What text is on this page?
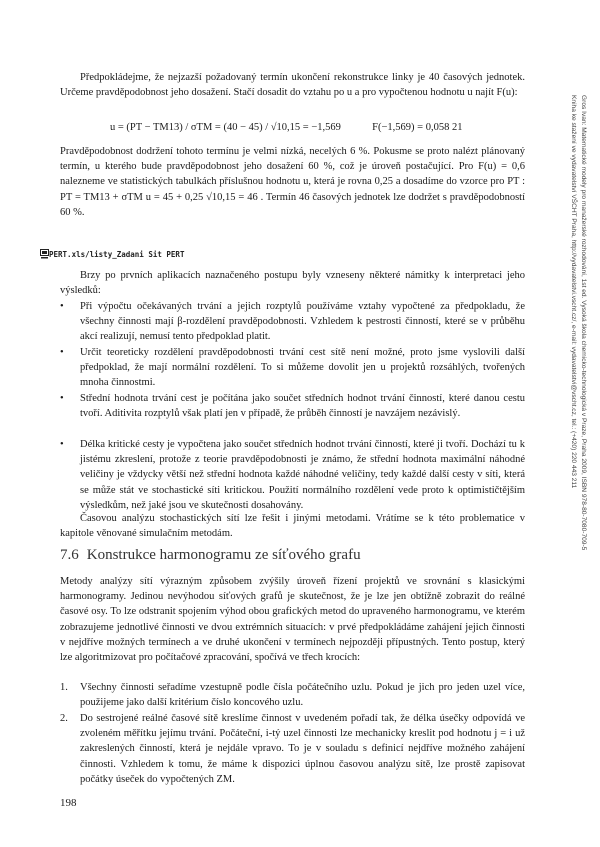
Předpokládejme, že nejzazší požadovaný termín ukončení rekonstrukce linky je 40 časových jednotek. Určeme pravděpodobnost jeho dosažení. Stačí dosadit do vztahu po u a pro vypočtenou hodnotu u najít F(u):

u = (PT − TM13) / σTM = (40 − 45) / √10,15 = −1,569	F(−1,569) = 0,058 21

Pravděpodobnost dodržení tohoto termínu je velmi nízká, necelých 6 %. Pokusme se proto nalézt plánovaný termín, u kterého bude pravděpodobnost jeho dosažení 60 %, což je úroveň postačující. Pro F(u) = 0,6 nalezneme ve statistických tabulkách příslušnou hodnotu u, která je rovna 0,25 a dosadíme do vzorce pro PT : PT = TM13 + σTM u = 45 + 0,25 √10,15 = 46 . Termín 46 časových jednotek lze dodržet s pravděpodobností 60 %.

PERT.xls/listy_Zadani Sit PERT

Brzy po prvních aplikacích naznačeného postupu byly vzneseny některé námitky k interpretaci jeho výsledků:

•	Při výpočtu očekávaných trvání a jejich rozptylů používáme vztahy vypočtené za předpokladu, že všechny činnosti mají β-rozdělení pravděpodobnosti. Vzhledem k pestrosti činností, které se v průběhu akcí realizují, nemusí tento předpoklad platit.
•	Určit teoreticky rozdělení pravděpodobnosti trvání cest sítě není možné, proto jsme vyslovili další předpoklad, že mají normální rozdělení. To si můžeme dovolit jen u projektů rozsáhlých, tvořených mnoha činnostmi.
•	Střední hodnota trvání cest je počítána jako součet středních hodnot trvání činností, které danou cestu tvoří. Aditivita rozptylů však platí jen v případě, že průběh činností je navzájem nezávislý.
•	Délka kritické cesty je vypočtena jako součet středních hodnot trvání činností, které ji tvoří. Dochází tu k jistému zkreslení, protože z teorie pravděpodobnosti je známo, že střední hodnota maximální náhodné veličiny je vždycky větší než střední hodnota každé náhodné veličiny, tedy každé další cesty v síti, která se může stát ve stochastické síti kritickou. Použití normálního rozdělení vede proto k optimističtějším výsledkům, než jaké jsou ve skutečnosti dosahovány.

Časovou analýzu stochastických sítí lze řešit i jinými metodami. Vrátíme se k této problematice v kapitole věnované simulačním metodám.

7.6 Konstrukce harmonogramu ze síťového grafu

Metody analýzy sítí výrazným způsobem zvýšily úroveň řízení projektů ve srovnání s klasickými harmonogramy. Jedinou nevýhodou síťových grafů je skutečnost, že je lze jen obtížně zobrazit do reálné časové osy. To lze odstranit spojením výhod obou grafických metod do upraveného harmonogramu, ve kterém zobrazujeme jednotlivé činnosti ve dvou extrémních situacích: v prvé předpokládáme zahájení jejich činnosti v nejdříve možných termínech a ve druhé ukončení v termínech nejpozději přípustných. Tento postup, který lze algoritmizovat pro počítačové zpracování, spočívá ve třech krocích:

1. Všechny činnosti seřadíme vzestupně podle čísla počátečního uzlu. Pokud je jich pro jeden uzel více, použijeme jako další kritérium číslo koncového uzlu.
2. Do sestrojené reálné časové sítě kreslíme činnost v uvedeném pořadí tak, že délka úsečky odpovídá ve zvoleném měřítku jejímu trvání. Počáteční, i-tý uzel činnosti lze mechanicky kreslit pod hodnotu j = i už zakreslených činností, která je nejdále vpravo. To je v souladu s definicí nejdříve možného zahájení činnosti. Vzhledem k tomu, že máme k dispozici úplnou časovou analýzu sítě, lze prostě zapisovat počátky úseček do vypočtených ZM.
Gros Ivan: Matematické modely pro manažerské rozhodování, 1st ed. Vysoká škola chemicko-technologická v Praze, Praha 2009, ISBN 978-80-7080-709-5
Kniha ke stažení ve vydavatelství VŠCHT Praha, http://vydavatelstvi.vscht.cz/, e-mail: vydavatelstvi@vscht.cz, tel.: (+420) 220 443 211
198
